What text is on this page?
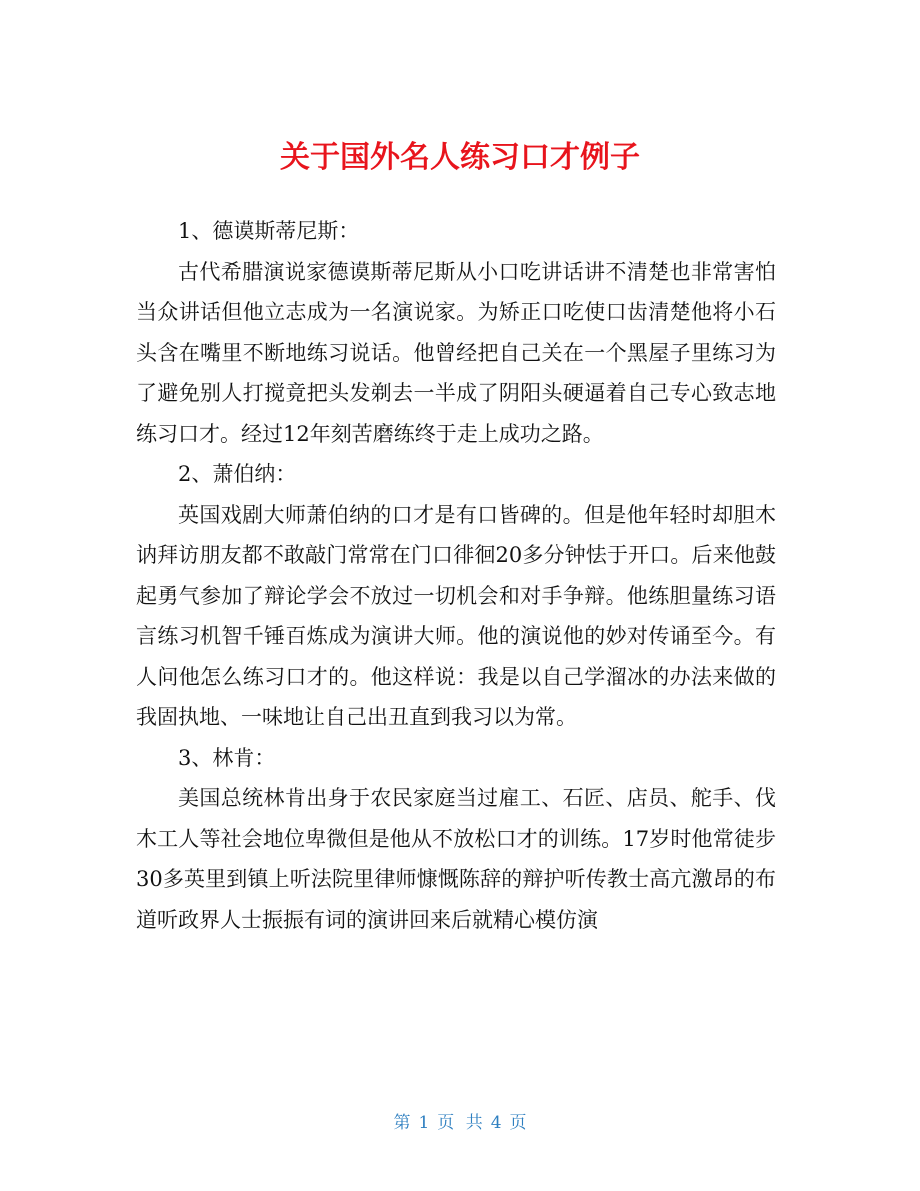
关于国外名人练习口才例子

1、德谟斯蒂尼斯：

古代希腊演说家德谟斯蒂尼斯从小口吃讲话讲不清楚也非常害怕当众讲话但他立志成为一名演说家。为矫正口吃使口齿清楚他将小石头含在嘴里不断地练习说话。他曾经把自己关在一个黑屋子里练习为了避免别人打搅竟把头发剃去一半成了阴阳头硬逼着自己专心致志地练习口才。经过12年刻苦磨练终于走上成功之路。

2、萧伯纳：

英国戏剧大师萧伯纳的口才是有口皆碑的。但是他年轻时却胆木讷拜访朋友都不敢敲门常常在门口徘徊20多分钟怯于开口。后来他鼓起勇气参加了辩论学会不放过一切机会和对手争辩。他练胆量练习语言练习机智千锤百炼成为演讲大师。他的演说他的妙对传诵至今。有人问他怎么练习口才的。他这样说：我是以自己学溜冰的办法来做的我固执地、一味地让自己出丑直到我习以为常。

3、林肯：

美国总统林肯出身于农民家庭当过雇工、石匠、店员、舵手、伐木工人等社会地位卑微但是他从不放松口才的训练。17岁时他常徒步30多英里到镇上听法院里律师慷慨陈辞的辩护听传教士高亢激昂的布道听政界人士振振有词的演讲回来后就精心模仿演

第 1 页 共 4 页
